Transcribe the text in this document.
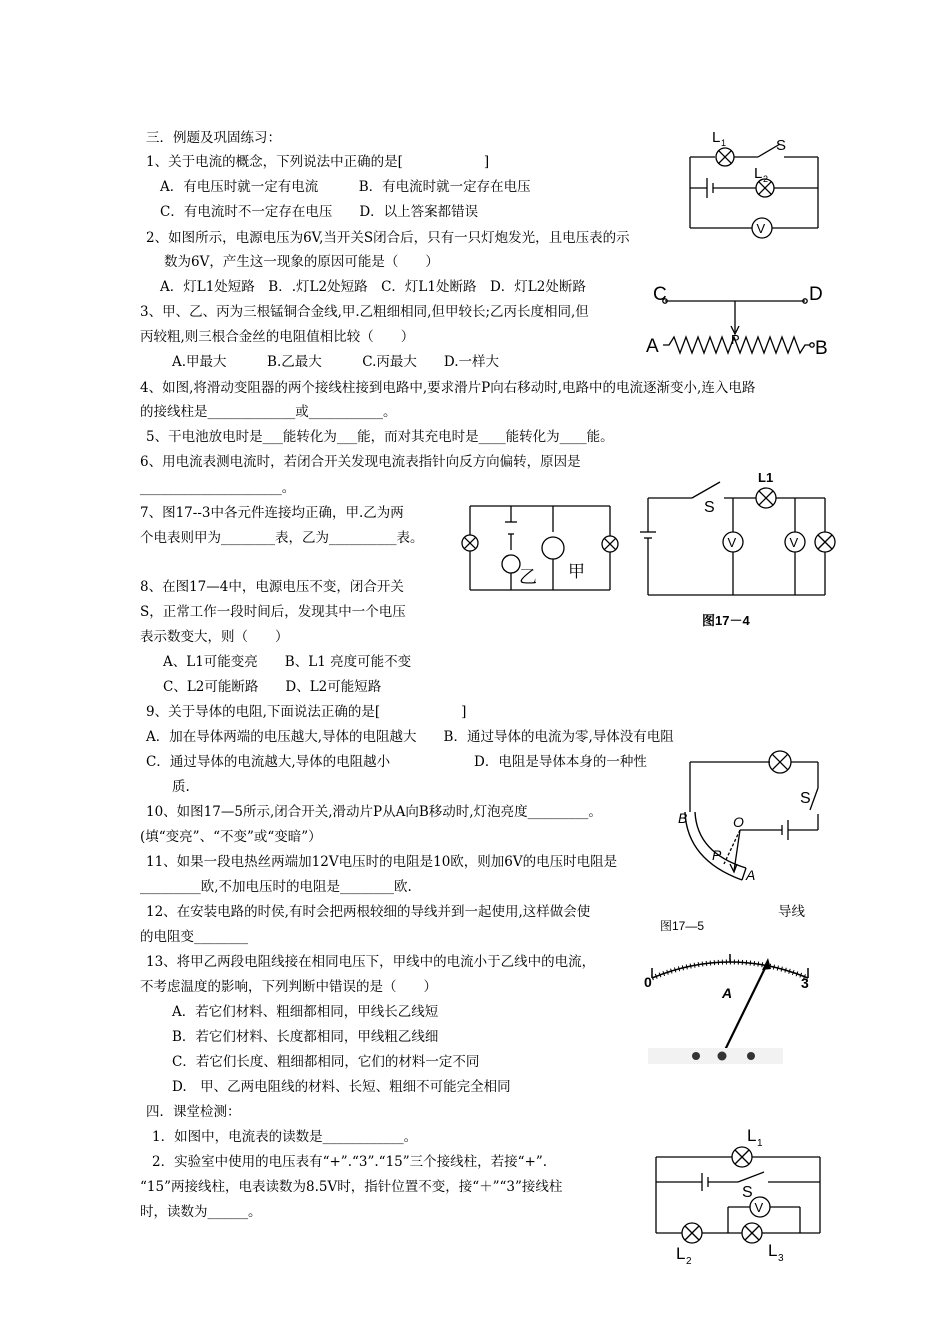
三．例题及巩固练习：
1、关于电流的概念，下列说法中正确的是[　　　　　　]
A．有电压时就一定有电流　　　B．有电流时就一定存在电压
C．有电流时不一定存在电压　　D．以上答案都错误
2、如图所示，电源电压为6V,当开关S闭合后，只有一只灯炮发光，且电压表的示
数为6V，产生这一现象的原因可能是（　　）
A．灯L1处短路　B．.灯L2处短路　C．灯L1处断路　D．灯L2处断路
3、甲、乙、丙为三根锰铜合金线,甲.乙粗细相同,但甲较长;乙丙长度相同,但
丙较粗,则三根合金丝的电阻值相比较（　　）
A.甲最大　　　B.乙最大　　　C.丙最大　　D.一样大
4、如图,将滑动变阻器的两个接线柱接到电路中,要求滑片P向右移动时,电路中的电流逐渐变小,连入电路
的接线柱是_____________或___________。
5、干电池放电时是___能转化为___能，而对其充电时是____能转化为____能。
6、用电流表测电流时，若闭合开关发现电流表指针向反方向偏转，原因是
_____________________。
7、图17--3中各元件连接均正确，甲.乙为两
个电表则甲为________表，乙为__________表。
8、在图17—4中，电源电压不变，闭合开关
S，正常工作一段时间后，发现其中一个电压
表示数变大，则（　　）
A、L1可能变亮　　B、L1 亮度可能不变
C、L2可能断路　　D、L2可能短路
9、关于导体的电阻,下面说法正确的是[　　　　　　]
A．加在导体两端的电压越大,导体的电阻越大　　B．通过导体的电流为零,导体没有电阻
C．通过导体的电流越大,导体的电阻越小	D．电阻是导体本身的一种性
质.
10、如图17—5所示,闭合开关,滑动片P从A向B移动时,灯泡亮度_________。
(填“变亮”、“不变”或“变暗”）
11、如果一段电热丝两端加12V电压时的电阻是10欧，则加6V的电压时电阻是
_________欧,不加电压时的电阻是________欧.
12、在安装电路的时侯,有时会把两根较细的导线并到一起使用,这样做会使	导线
的电阻变________
13、将甲乙两段电阻线接在相同电压下，甲线中的电流小于乙线中的电流，
不考虑温度的影响，下列判断中错误的是（　　）
A．若它们材料、粗细都相同，甲线长乙线短
B．若它们材料、长度都相同，甲线粗乙线细
C．若它们长度、粗细都相同，它们的材料一定不同
D.　甲、乙两电阻线的材料、长短、粗细不可能完全相同
四．课堂检测：
1．如图中，电流表的读数是____________。
2．实验室中使用的电压表有“+”.“3”.“15”三个接线柱，若接“+”.
“15”两接线柱，电表读数为8.5V时，指针位置不变，接“＋”“3”接线柱
时，读数为______。
L 1	S
L 2
V
C	D
A	B
P
乙 甲
L1
S
V	V
图17－4
B	O
P
A
S
图17—5
0
A
3
L 1
S
V
L 2
L 3
